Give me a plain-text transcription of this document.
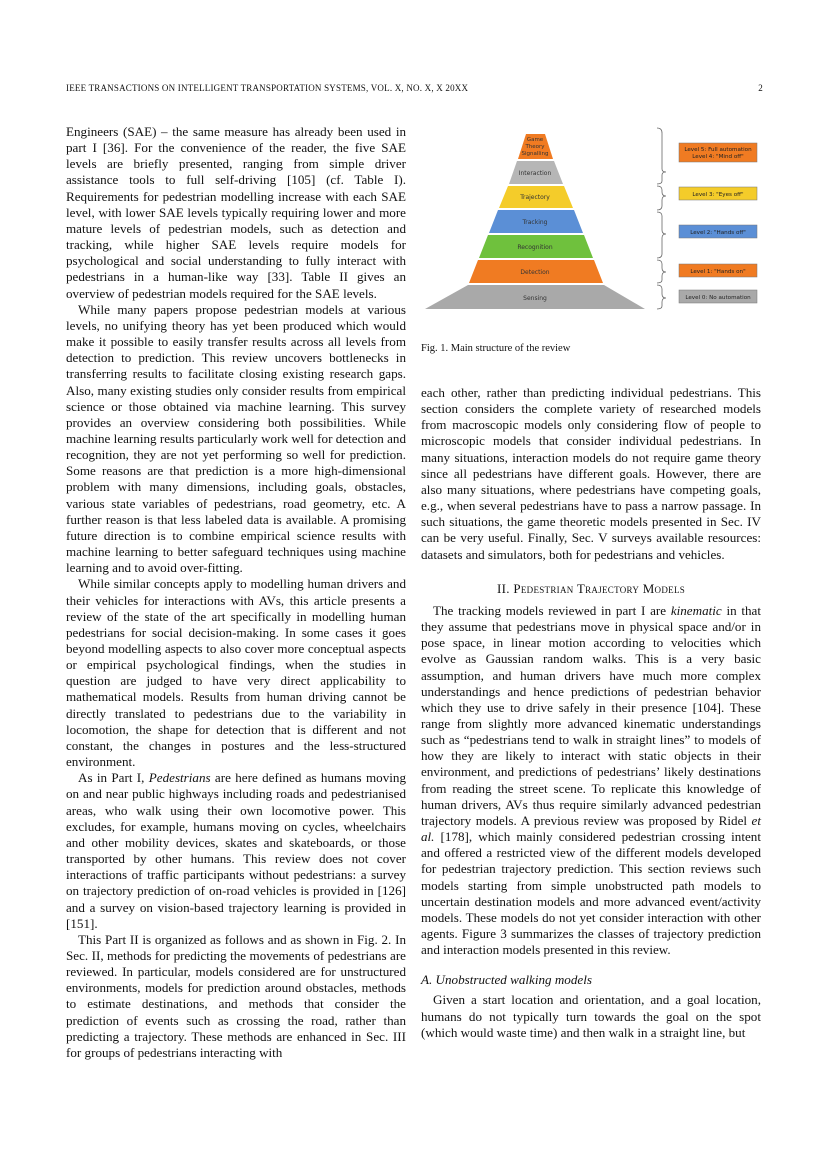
IEEE TRANSACTIONS ON INTELLIGENT TRANSPORTATION SYSTEMS, VOL. X, NO. X, X 20XX	2

Engineers (SAE) – the same measure has already been used in part I [36]. For the convenience of the reader, the five SAE levels are briefly presented, ranging from simple driver assistance tools to full self-driving [105] (cf. Table I). Requirements for pedestrian modelling increase with each SAE level, with lower SAE levels typically requiring lower and more mature levels of pedestrian models, such as detection and tracking, while higher SAE levels require models for psychological and social understanding to fully interact with pedestrians in a human-like way [33]. Table II gives an overview of pedestrian models required for the SAE levels.

While many papers propose pedestrian models at various levels, no unifying theory has yet been produced which would make it possible to easily transfer results across all levels from detection to prediction. This review uncovers bottlenecks in transferring results to facilitate closing existing research gaps. Also, many existing studies only consider results from empirical science or those obtained via machine learning. This survey provides an overview considering both possibilities. While machine learning results particularly work well for detection and recognition, they are not yet performing so well for prediction. Some reasons are that prediction is a more high-dimensional problem with many dimensions, including goals, obstacles, various state variables of pedestrians, road geometry, etc. A further reason is that less labeled data is available. A promising future direction is to combine empirical science results with machine learning to better safeguard techniques using machine learning and to avoid over-fitting.

While similar concepts apply to modelling human drivers and their vehicles for interactions with AVs, this article presents a review of the state of the art specifically in modelling human pedestrians for social decision-making. In some cases it goes beyond modelling aspects to also cover more conceptual aspects or empirical psychological findings, when the studies in question are judged to have very direct applicability to mathematical models. Results from human driving cannot be directly translated to pedestrians due to the variability in locomotion, the shape for detection that is different and not constant, the changes in postures and the less-structured environment.

As in Part I, Pedestrians are here defined as humans moving on and near public highways including roads and pedestrianised areas, who walk using their own locomotive power. This excludes, for example, humans moving on cycles, wheelchairs and other mobility devices, skates and skateboards, or those transported by other humans. This review does not cover interactions of traffic participants without pedestrians: a survey on trajectory prediction of on-road vehicles is provided in [126] and a survey on vision-based trajectory learning is provided in [151].

This Part II is organized as follows and as shown in Fig. 2. In Sec. II, methods for predicting the movements of pedestrians are reviewed. In particular, models considered are for unstructured environments, models for prediction around obstacles, methods to estimate destinations, and methods that consider the prediction of events such as crossing the road, rather than predicting a trajectory. These methods are enhanced in Sec. III for groups of pedestrians interacting with

Game
Theory
Signalling
Interaction
Trajectory
Tracking
Recognition
Detection
Sensing
Level 5: Full automation
Level 4: "Mind off"
Level 3: "Eyes off"
Level 2: "Hands off"
Level 1: "Hands on"
Level 0: No automation
Fig. 1. Main structure of the review

each other, rather than predicting individual pedestrians. This section considers the complete variety of researched models from macroscopic models only considering flow of people to microscopic models that consider individual pedestrians. In many situations, interaction models do not require game theory since all pedestrians have different goals. However, there are also many situations, where pedestrians have competing goals, e.g., when several pedestrians have to pass a narrow passage. In such situations, the game theoretic models presented in Sec. IV can be very useful. Finally, Sec. V surveys available resources: datasets and simulators, both for pedestrians and vehicles.

II. Pedestrian Trajectory Models

The tracking models reviewed in part I are kinematic in that they assume that pedestrians move in physical space and/or in pose space, in linear motion according to velocities which evolve as Gaussian random walks. This is a very basic assumption, and human drivers have much more complex understandings and hence predictions of pedestrian behavior which they use to drive safely in their presence [104]. These range from slightly more advanced kinematic understandings such as “pedestrians tend to walk in straight lines” to models of how they are likely to interact with static objects in their environment, and predictions of pedestrians’ likely destinations from reading the street scene. To replicate this knowledge of human drivers, AVs thus require similarly advanced pedestrian trajectory models. A previous review was proposed by Ridel et al. [178], which mainly considered pedestrian crossing intent and offered a restricted view of the different models developed for pedestrian trajectory prediction. This section reviews such models starting from simple unobstructed path models to uncertain destination models and more advanced event/activity models. These models do not yet consider interaction with other agents. Figure 3 summarizes the classes of trajectory prediction and interaction models presented in this review.

A. Unobstructed walking models

Given a start location and orientation, and a goal location, humans do not typically turn towards the goal on the spot (which would waste time) and then walk in a straight line, but
